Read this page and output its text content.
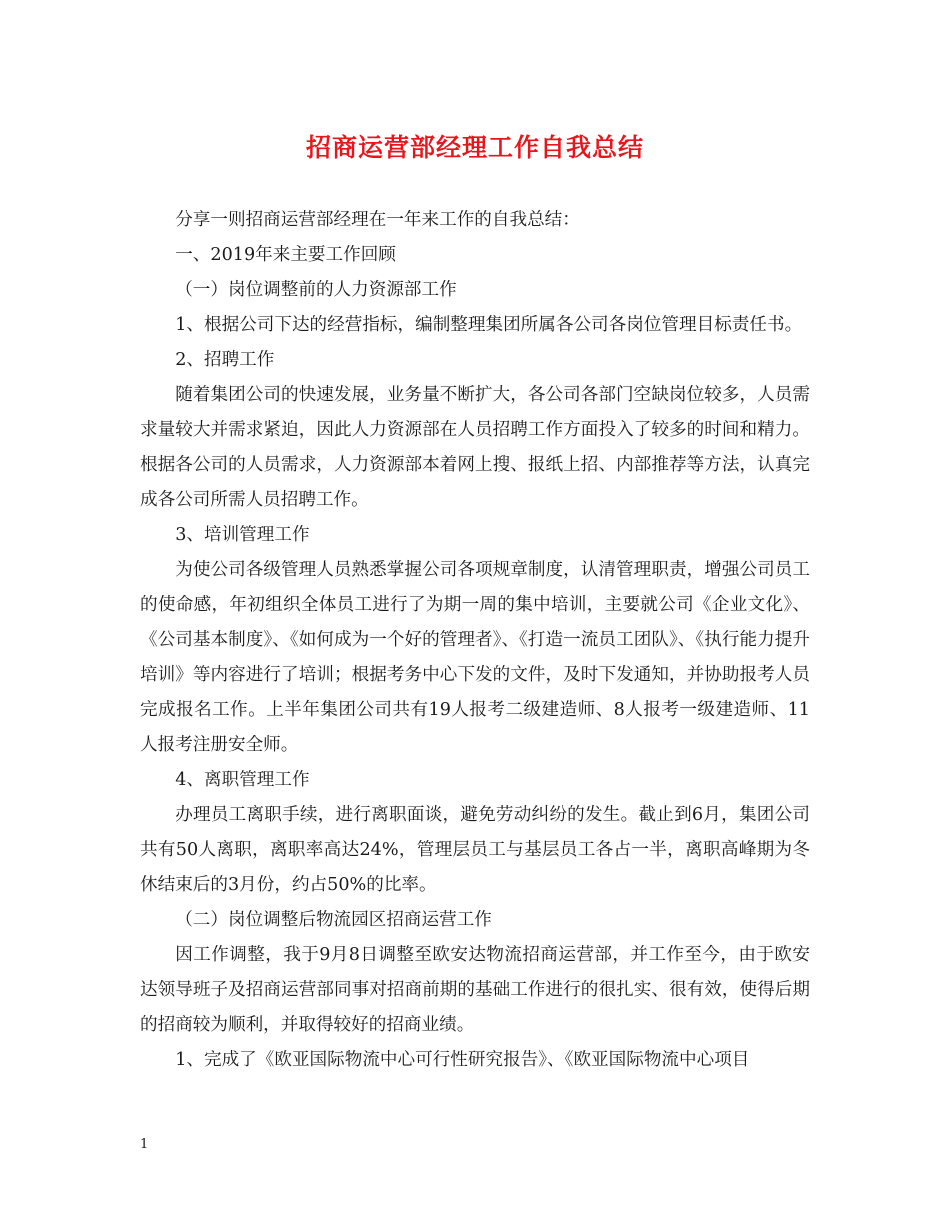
招商运营部经理工作自我总结

分享一则招商运营部经理在一年来工作的自我总结：

一、2019年来主要工作回顾

（一）岗位调整前的人力资源部工作

1、根据公司下达的经营指标，编制整理集团所属各公司各岗位管理目标责任书。

2、招聘工作

随着集团公司的快速发展，业务量不断扩大，各公司各部门空缺岗位较多，人员需求量较大并需求紧迫，因此人力资源部在人员招聘工作方面投入了较多的时间和精力。根据各公司的人员需求，人力资源部本着网上搜、报纸上招、内部推荐等方法，认真完成各公司所需人员招聘工作。

3、培训管理工作

为使公司各级管理人员熟悉掌握公司各项规章制度，认清管理职责，增强公司员工的使命感，年初组织全体员工进行了为期一周的集中培训，主要就公司《企业文化》、《公司基本制度》、《如何成为一个好的管理者》、《打造一流员工团队》、《执行能力提升培训》等内容进行了培训；根据考务中心下发的文件，及时下发通知，并协助报考人员完成报名工作。上半年集团公司共有19人报考二级建造师、8人报考一级建造师、11人报考注册安全师。

4、离职管理工作

办理员工离职手续，进行离职面谈，避免劳动纠纷的发生。截止到6月，集团公司共有50人离职，离职率高达24%，管理层员工与基层员工各占一半，离职高峰期为冬休结束后的3月份，约占50%的比率。

（二）岗位调整后物流园区招商运营工作

因工作调整，我于9月8日调整至欧安达物流招商运营部，并工作至今，由于欧安达领导班子及招商运营部同事对招商前期的基础工作进行的很扎实、很有效，使得后期的招商较为顺利，并取得较好的招商业绩。

1、完成了《欧亚国际物流中心可行性研究报告》、《欧亚国际物流中心项目

1
